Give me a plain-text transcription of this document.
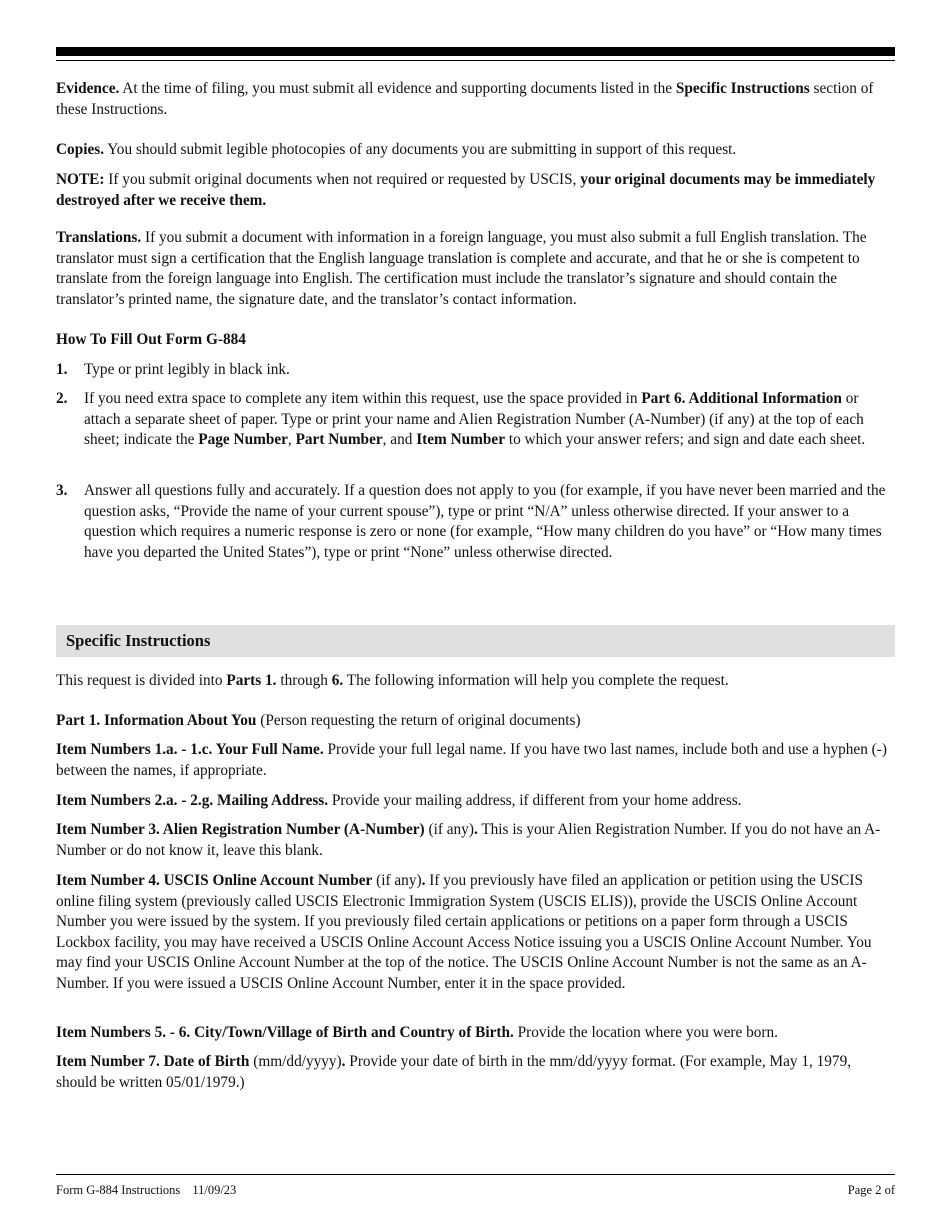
Evidence. At the time of filing, you must submit all evidence and supporting documents listed in the Specific Instructions section of these Instructions.

Copies. You should submit legible photocopies of any documents you are submitting in support of this request.

NOTE: If you submit original documents when not required or requested by USCIS, your original documents may be immediately destroyed after we receive them.

Translations. If you submit a document with information in a foreign language, you must also submit a full English translation. The translator must sign a certification that the English language translation is complete and accurate, and that he or she is competent to translate from the foreign language into English. The certification must include the translator’s signature and should contain the translator’s printed name, the signature date, and the translator’s contact information.

How To Fill Out Form G-884

1. Type or print legibly in black ink.
2. If you need extra space to complete any item within this request, use the space provided in Part 6. Additional Information or attach a separate sheet of paper. Type or print your name and Alien Registration Number (A-Number) (if any) at the top of each sheet; indicate the Page Number, Part Number, and Item Number to which your answer refers; and sign and date each sheet.
3. Answer all questions fully and accurately. If a question does not apply to you (for example, if you have never been married and the question asks, “Provide the name of your current spouse”), type or print “N/A” unless otherwise directed. If your answer to a question which requires a numeric response is zero or none (for example, “How many children do you have” or “How many times have you departed the United States”), type or print “None” unless otherwise directed.
Specific Instructions

This request is divided into Parts 1. through 6. The following information will help you complete the request.

Part 1. Information About You (Person requesting the return of original documents)

Item Numbers 1.a. - 1.c. Your Full Name. Provide your full legal name. If you have two last names, include both and use a hyphen (-) between the names, if appropriate.

Item Numbers 2.a. - 2.g. Mailing Address. Provide your mailing address, if different from your home address.

Item Number 3. Alien Registration Number (A-Number) (if any). This is your Alien Registration Number. If you do not have an A-Number or do not know it, leave this blank.

Item Number 4. USCIS Online Account Number (if any). If you previously have filed an application or petition using the USCIS online filing system (previously called USCIS Electronic Immigration System (USCIS ELIS)), provide the USCIS Online Account Number you were issued by the system. If you previously filed certain applications or petitions on a paper form through a USCIS Lockbox facility, you may have received a USCIS Online Account Access Notice issuing you a USCIS Online Account Number. You may find your USCIS Online Account Number at the top of the notice. The USCIS Online Account Number is not the same as an A-Number. If you were issued a USCIS Online Account Number, enter it in the space provided.

Item Numbers 5. - 6. City/Town/Village of Birth and Country of Birth. Provide the location where you were born.

Item Number 7. Date of Birth (mm/dd/yyyy). Provide your date of birth in the mm/dd/yyyy format. (For example, May 1, 1979, should be written 05/01/1979.)

Form G-884 Instructions 11/09/23	Page 2 of
